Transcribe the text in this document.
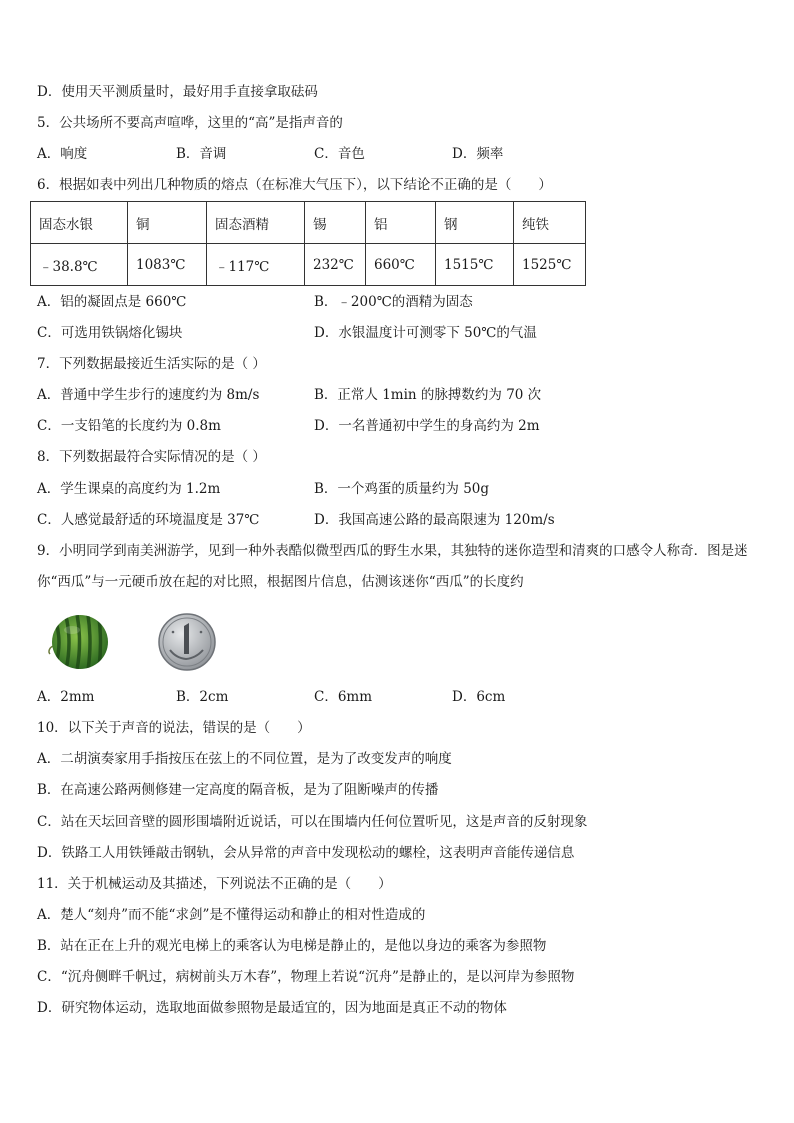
D．使用天平测质量时，最好用手直接拿取砝码
5．公共场所不要高声喧哗，这里的“高”是指声音的
A．响度	B．音调	C．音色	D．频率
6．根据如表中列出几种物质的熔点（在标准大气压下），以下结论不正确的是（　　）
固态水银	铜	固态酒精	锡	铝	钢	纯铁
﹣38.8℃	1083℃	﹣117℃	232℃	660℃	1515℃	1525℃
A．铝的凝固点是 660℃	B．﹣200℃的酒精为固态
C．可选用铁锅熔化锡块	D．水银温度计可测零下 50℃的气温
7．下列数据最接近生活实际的是（ ）
A．普通中学生步行的速度约为 8m/s	B．正常人 1min 的脉搏数约为 70 次
C．一支铅笔的长度约为 0.8m	D．一名普通初中学生的身高约为 2m
8．下列数据最符合实际情况的是（ ）
A．学生课桌的高度约为 1.2m	B．一个鸡蛋的质量约为 50g
C．人感觉最舒适的环境温度是 37℃	D．我国高速公路的最高限速为 120m/s
9．小明同学到南美洲游学，见到一种外表酷似微型西瓜的野生水果，其独特的迷你造型和清爽的口感令人称奇．图是迷你“西瓜”与一元硬币放在起的对比照，根据图片信息，估测该迷你“西瓜”的长度约
A．2mm	B．2cm	C．6mm	D．6cm
10．以下关于声音的说法，错误的是（　　）
A．二胡演奏家用手指按压在弦上的不同位置，是为了改变发声的响度
B．在高速公路两侧修建一定高度的隔音板，是为了阻断噪声的传播
C．站在天坛回音壁的圆形围墙附近说话，可以在围墙内任何位置听见，这是声音的反射现象
D．铁路工人用铁锤敲击钢轨，会从异常的声音中发现松动的螺栓，这表明声音能传递信息
11．关于机械运动及其描述，下列说法不正确的是（　　）
A．楚人“刻舟”而不能“求剑”是不懂得运动和静止的相对性造成的
B．站在正在上升的观光电梯上的乘客认为电梯是静止的，是他以身边的乘客为参照物
C．“沉舟侧畔千帆过，病树前头万木春”，物理上若说“沉舟”是静止的，是以河岸为参照物
D．研究物体运动，选取地面做参照物是最适宜的，因为地面是真正不动的物体
